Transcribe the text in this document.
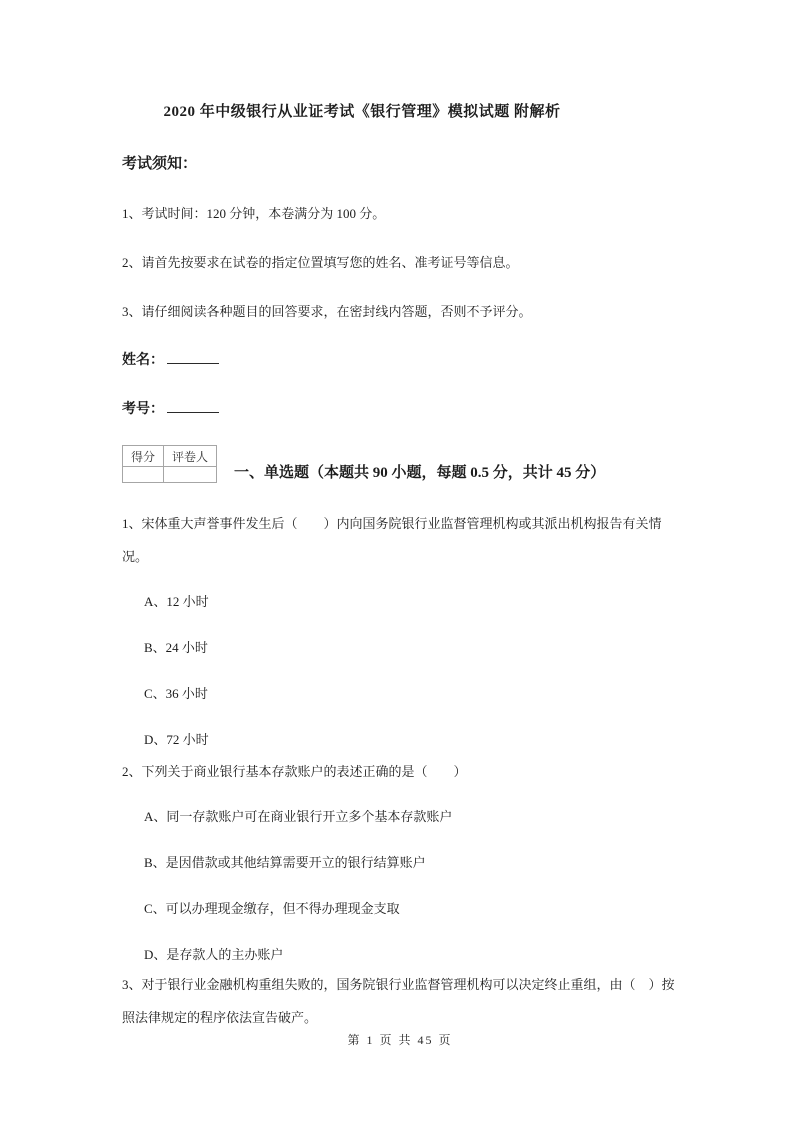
2020 年中级银行从业证考试《银行管理》模拟试题 附解析
考试须知：

1、考试时间：120 分钟，本卷满分为 100 分。

2、请首先按要求在试卷的指定位置填写您的姓名、准考证号等信息。

3、请仔细阅读各种题目的回答要求，在密封线内答题，否则不予评分。

姓名：
考号：
得分	评卷人

一、单选题（本题共 90 小题，每题 0.5 分，共计 45 分）

1、宋体重大声誉事件发生后（　　）内向国务院银行业监督管理机构或其派出机构报告有关情况。

A、12 小时

B、24 小时

C、36 小时

D、72 小时

2、下列关于商业银行基本存款账户的表述正确的是（　　）

A、同一存款账户可在商业银行开立多个基本存款账户

B、是因借款或其他结算需要开立的银行结算账户

C、可以办理现金缴存，但不得办理现金支取

D、是存款人的主办账户

3、对于银行业金融机构重组失败的，国务院银行业监督管理机构可以决定终止重组，由（　）按照法律规定的程序依法宣告破产。

第 1 页 共 45 页
